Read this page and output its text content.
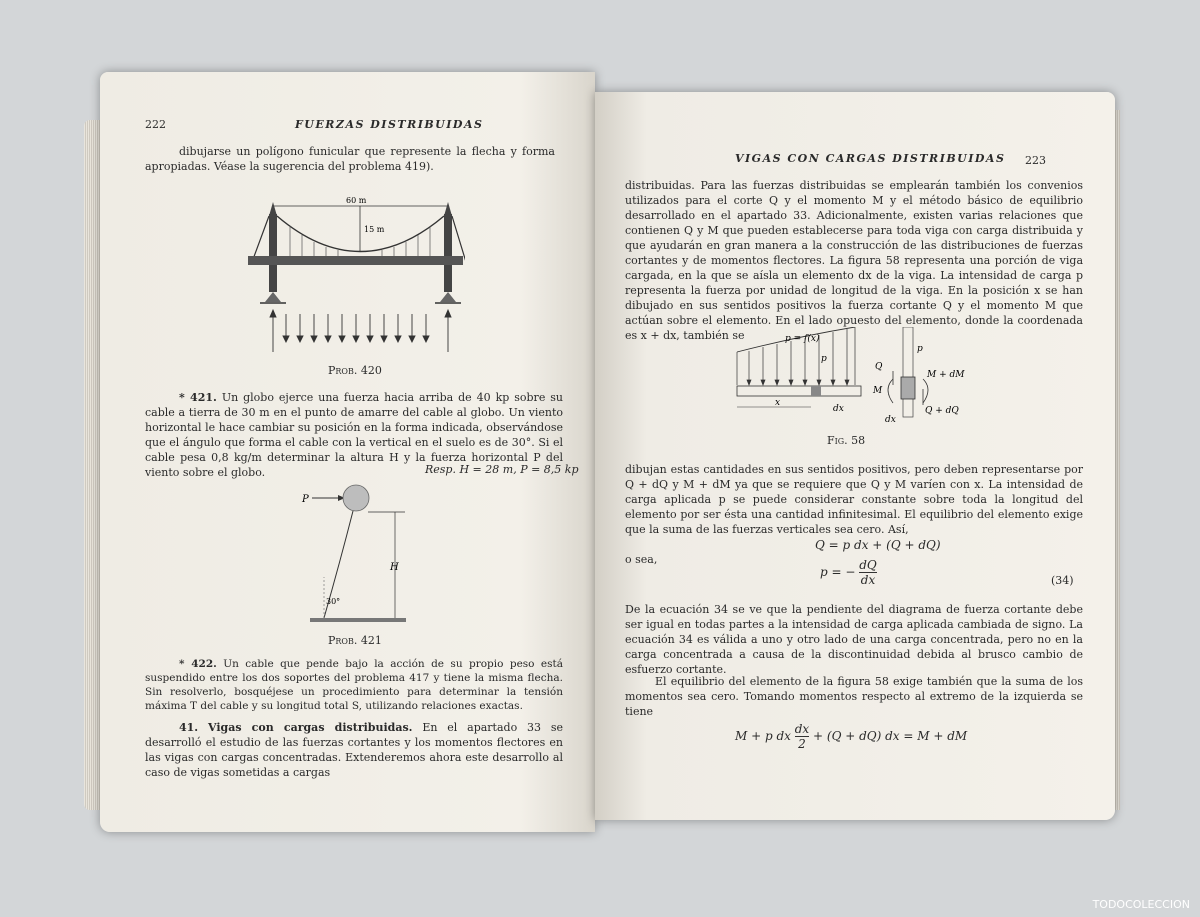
222	FUERZAS DISTRIBUIDAS

dibujarse un polígono funicular que represente la flecha y forma apropiadas. Véase la sugerencia del problema 419).

60 m
15 m
Prob. 420

* 421. Un globo ejerce una fuerza hacia arriba de 40 kp sobre su cable a tierra de 30 m en el punto de amarre del cable al globo. Un viento horizontal le hace cambiar su posición en la forma indicada, observándose que el ángulo que forma el cable con la vertical en el suelo es de 30°. Si el cable pesa 0,8 kg/m determinar la altura H y la fuerza horizontal P del viento sobre el globo.	Resp. H = 28 m, P = 8,5 kp
P
H
30°
Prob. 421

* 422. Un cable que pende bajo la acción de su propio peso está suspendido entre los dos soportes del problema 417 y tiene la misma flecha. Sin resolverlo, bosquéjese un procedimiento para determinar la tensión máxima T del cable y su longitud total S, utilizando relaciones exactas.

41. Vigas con cargas distribuidas. En el apartado 33 se desarrolló el estudio de las fuerzas cortantes y los momentos flectores en las vigas con cargas concentradas. Extenderemos ahora este desarrollo al caso de vigas sometidas a cargas

VIGAS CON CARGAS DISTRIBUIDAS 223

distribuidas. Para las fuerzas distribuidas se emplearán también los convenios utilizados para el corte Q y el momento M y el método básico de equilibrio desarrollado en el apartado 33. Adicionalmente, existen varias relaciones que contienen Q y M que pueden establecerse para toda viga con carga distribuida y que ayudarán en gran manera a la construcción de las distribuciones de fuerzas cortantes y de momentos flectores. La figura 58 representa una porción de viga cargada, en la que se aísla un elemento dx de la viga. La intensidad de carga p representa la fuerza por unidad de longitud de la viga. En la posición x se han dibujado en sus sentidos positivos la fuerza cortante Q y el momento M que actúan sobre el elemento. En el lado opuesto del elemento, donde la coordenada es x + dx, también se	p = f(x)
p
x
dx
p
Q
M
M + dM
Q + dQ
dx
Fig. 58

dibujan estas cantidades en sus sentidos positivos, pero deben representarse por Q + dQ y M + dM ya que se requiere que Q y M varíen con x. La intensidad de carga aplicada p se puede considerar constante sobre toda la longitud del elemento por ser ésta una cantidad infinitesimal. El equilibrio del elemento exige que la suma de las fuerzas verticales sea cero. Así,

Q = p dx + (Q + dQ)
o sea,
p = − $\frac{dQ}{dx}$	(34)

De la ecuación 34 se ve que la pendiente del diagrama de fuerza cortante debe ser igual en todas partes a la intensidad de carga aplicada cambiada de signo. La ecuación 34 es válida a uno y otro lado de una carga concentrada, pero no en la carga concentrada a causa de la discontinuidad debida al brusco cambio de esfuerzo cortante.

El equilibrio del elemento de la figura 58 exige también que la suma de los momentos sea cero. Tomando momentos respecto al extremo de la izquierda se tiene

M + p dx $\frac{dx}{2} + (Q + dQ)$ dx = M + dM
TODOCOLECCION
